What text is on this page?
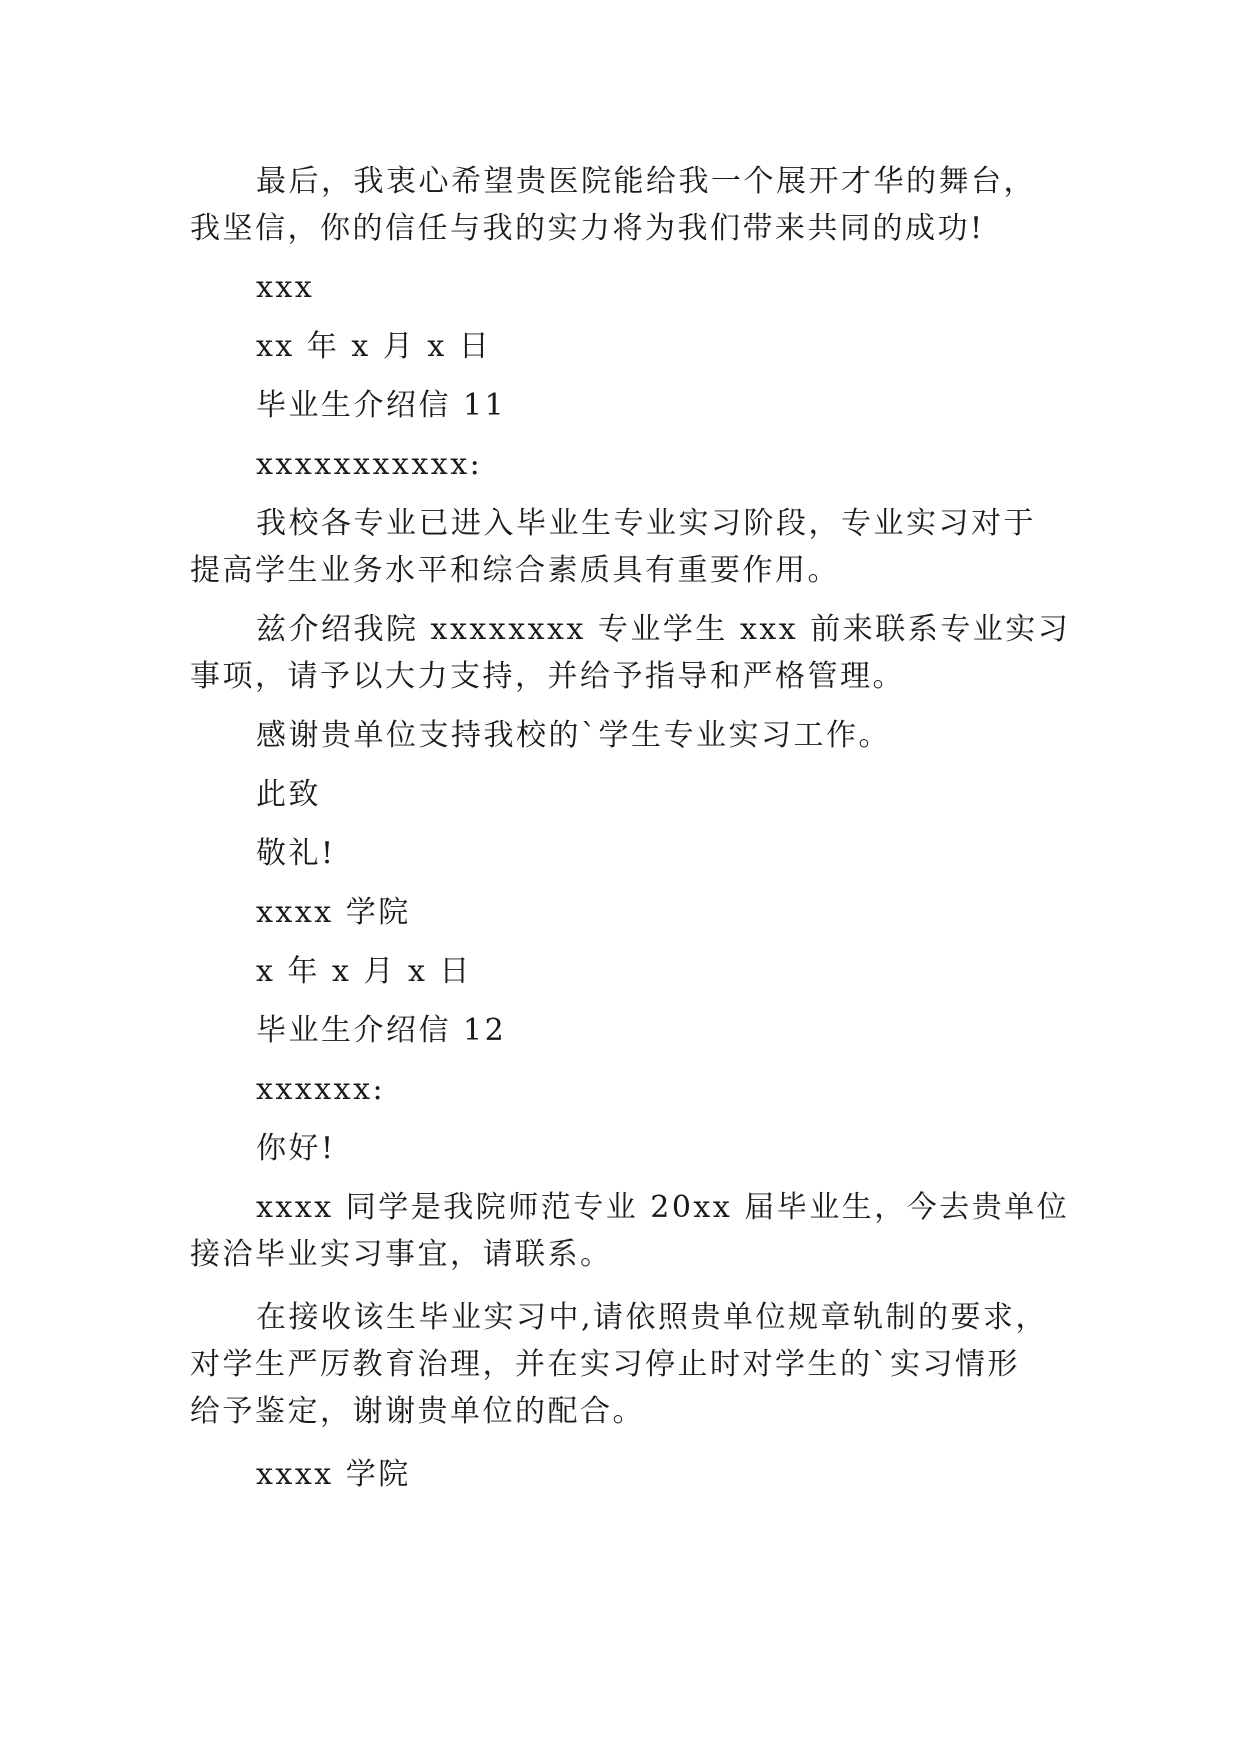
最后，我衷心希望贵医院能给我一个展开才华的舞台，
我坚信，你的信任与我的实力将为我们带来共同的成功!
xxx
xx 年 x 月 x 日
毕业生介绍信 11
xxxxxxxxxxx:
我校各专业已进入毕业生专业实习阶段，专业实习对于
提高学生业务水平和综合素质具有重要作用。
兹介绍我院 xxxxxxxx 专业学生 xxx 前来联系专业实习
事项，请予以大力支持，并给予指导和严格管理。
感谢贵单位支持我校的`学生专业实习工作。
此致
敬礼!
xxxx 学院
x 年 x 月 x 日
毕业生介绍信 12
xxxxxx:
你好!
xxxx 同学是我院师范专业 20xx 届毕业生，今去贵单位
接洽毕业实习事宜，请联系。
在接收该生毕业实习中,请依照贵单位规章轨制的要求，
对学生严厉教育治理，并在实习停止时对学生的`实习情形
给予鉴定，谢谢贵单位的配合。
xxxx 学院
